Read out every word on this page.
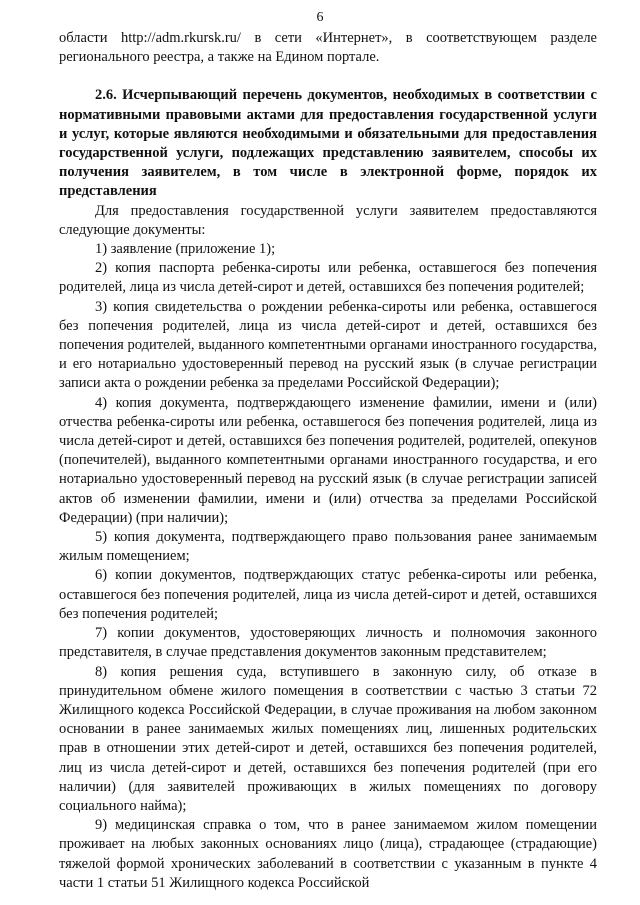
6

области http://adm.rkursk.ru/ в сети «Интернет», в соответствующем разделе регионального реестра, а также на Едином портале.

2.6. Исчерпывающий перечень документов, необходимых в соответствии с нормативными правовыми актами для предоставления государственной услуги и услуг, которые являются необходимыми и обязательными для предоставления государственной услуги, подлежащих представлению заявителем, способы их получения заявителем, в том числе в электронной форме, порядок их представления

Для предоставления государственной услуги заявителем предоставляются следующие документы:

1) заявление (приложение 1);

2) копия паспорта ребенка-сироты или ребенка, оставшегося без попечения родителей, лица из числа детей-сирот и детей, оставшихся без попечения родителей;

3) копия свидетельства о рождении ребенка-сироты или ребенка, оставшегося без попечения родителей, лица из числа детей-сирот и детей, оставшихся без попечения родителей, выданного компетентными органами иностранного государства, и его нотариально удостоверенный перевод на русский язык (в случае регистрации записи акта о рождении ребенка за пределами Российской Федерации);

4) копия документа, подтверждающего изменение фамилии, имени и (или) отчества ребенка-сироты или ребенка, оставшегося без попечения родителей, лица из числа детей-сирот и детей, оставшихся без попечения родителей, родителей, опекунов (попечителей), выданного компетентными органами иностранного государства, и его нотариально удостоверенный перевод на русский язык (в случае регистрации записей актов об изменении фамилии, имени и (или) отчества за пределами Российской Федерации) (при наличии);

5) копия документа, подтверждающего право пользования ранее занимаемым жилым помещением;

6) копии документов, подтверждающих статус ребенка-сироты или ребенка, оставшегося без попечения родителей, лица из числа детей-сирот и детей, оставшихся без попечения родителей;

7) копии документов, удостоверяющих личность и полномочия законного представителя, в случае представления документов законным представителем;

8) копия решения суда, вступившего в законную силу, об отказе в принудительном обмене жилого помещения в соответствии с частью 3 статьи 72 Жилищного кодекса Российской Федерации, в случае проживания на любом законном основании в ранее занимаемых жилых помещениях лиц, лишенных родительских прав в отношении этих детей-сирот и детей, оставшихся без попечения родителей, лиц из числа детей-сирот и детей, оставшихся без попечения родителей (при его наличии) (для заявителей проживающих в жилых помещениях по договору социального найма);

9) медицинская справка о том, что в ранее занимаемом жилом помещении проживает на любых законных основаниях лицо (лица), страдающее (страдающие) тяжелой формой хронических заболеваний в соответствии с указанным в пункте 4 части 1 статьи 51 Жилищного кодекса Российской
